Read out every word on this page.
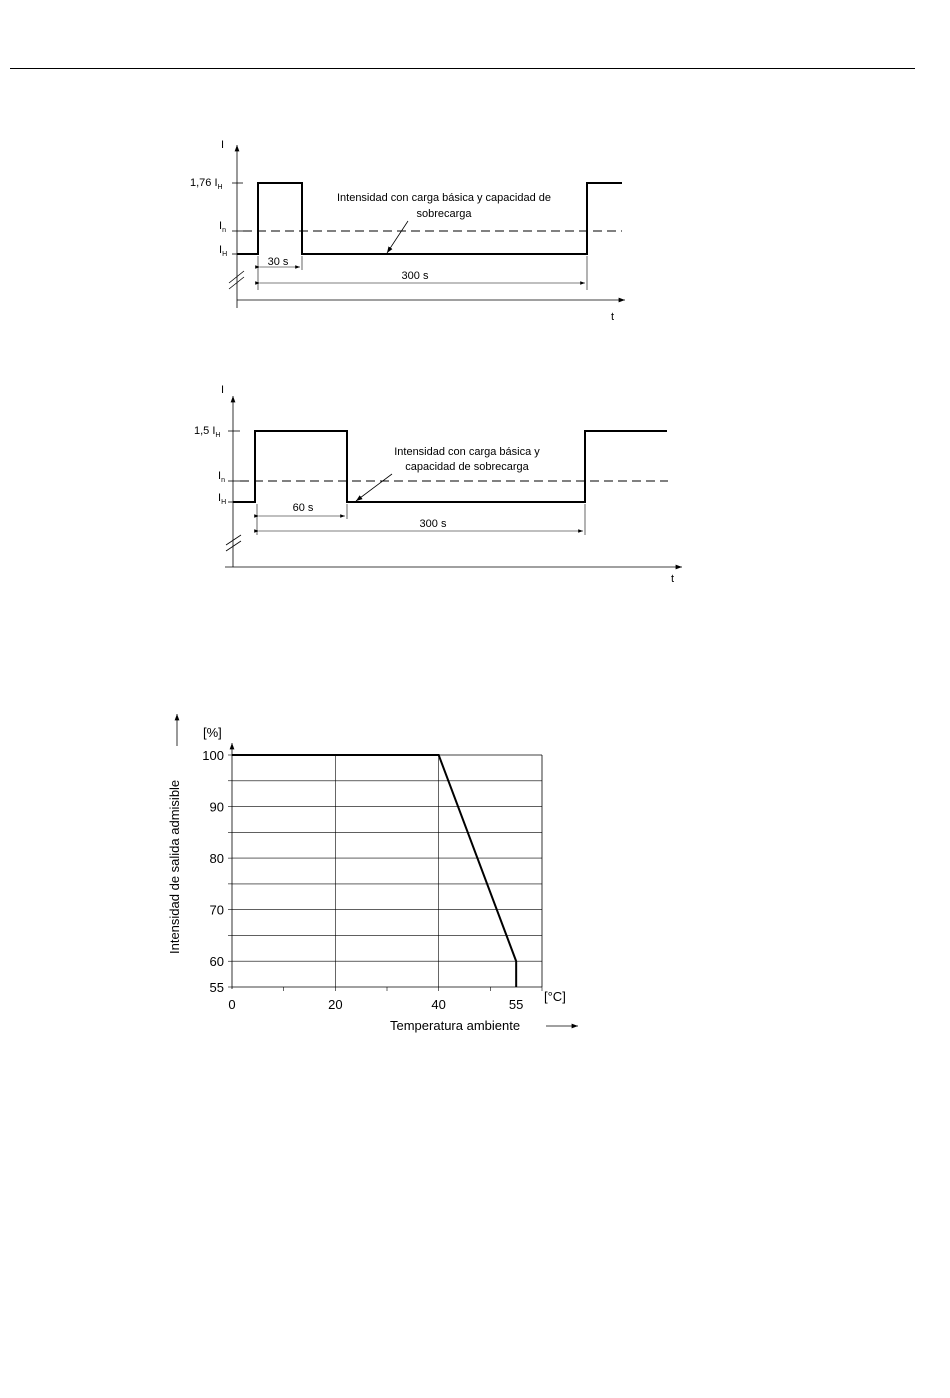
I
t
1,76 $I_H$
$I_n$
$I_H$
Intensidad con carga básica y capacidad de
sobrecarga
30 s
300 s
I
t
1,5 $I_H$
$I_n$
$I_H$
Intensidad con carga básica y
capacidad de sobrecarga
60 s
300 s
55
60
70
80
90
100
0	20	40	55
Intensidad de salida admisible
[%]
[°C]
Temperatura ambiente
